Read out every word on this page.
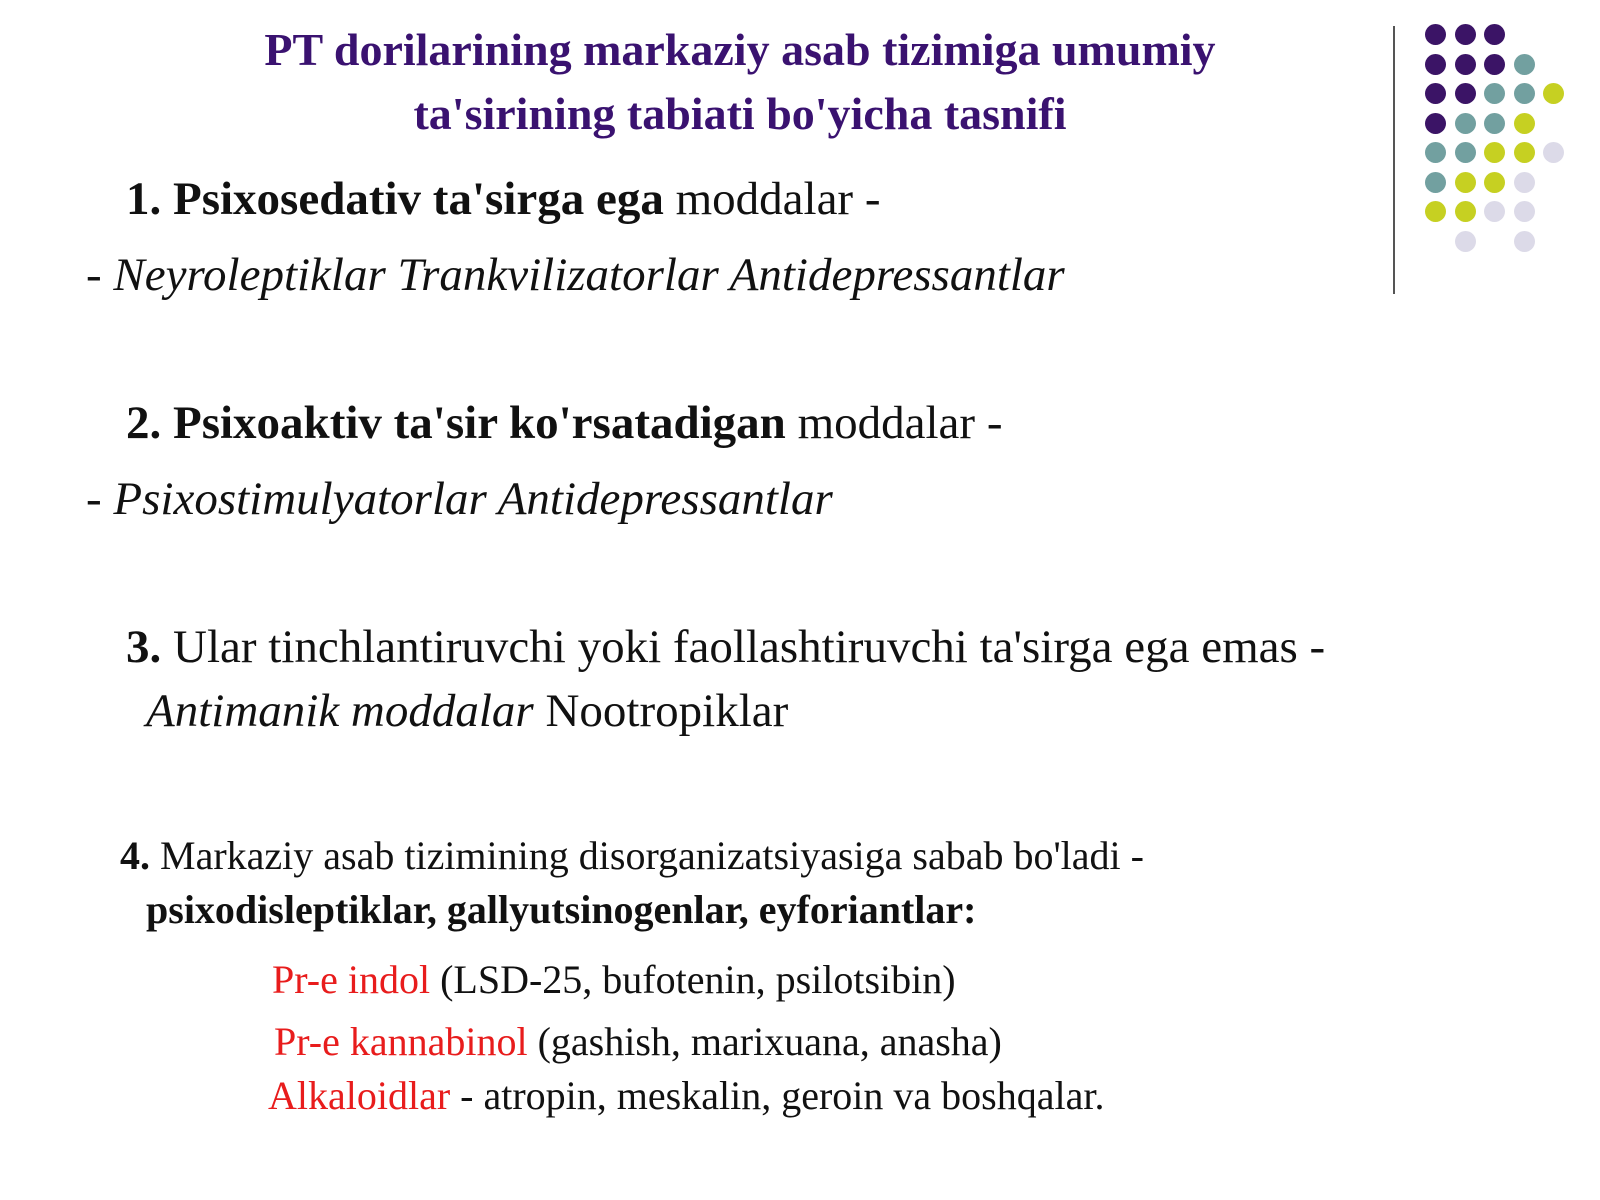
PT dorilarining markaziy asab tizimiga umumiy
ta'sirining tabiati bo'yicha tasnifi
1. Psixosedativ ta'sirga ega moddalar -
- Neyroleptiklar Trankvilizatorlar Antidepressantlar
2. Psixoaktiv ta'sir ko'rsatadigan moddalar -
- Psixostimulyatorlar Antidepressantlar
3. Ular tinchlantiruvchi yoki faollashtiruvchi ta'sirga ega emas -
Antimanik moddalar Nootropiklar
4. Markaziy asab tizimining disorganizatsiyasiga sabab bo'ladi -
psixodisleptiklar, gallyutsinogenlar, eyforiantlar:
Pr-e indol (LSD-25, bufotenin, psilotsibin)
Pr-e kannabinol (gashish, marixuana, anasha)
Alkaloidlar - atropin, meskalin, geroin va boshqalar.
